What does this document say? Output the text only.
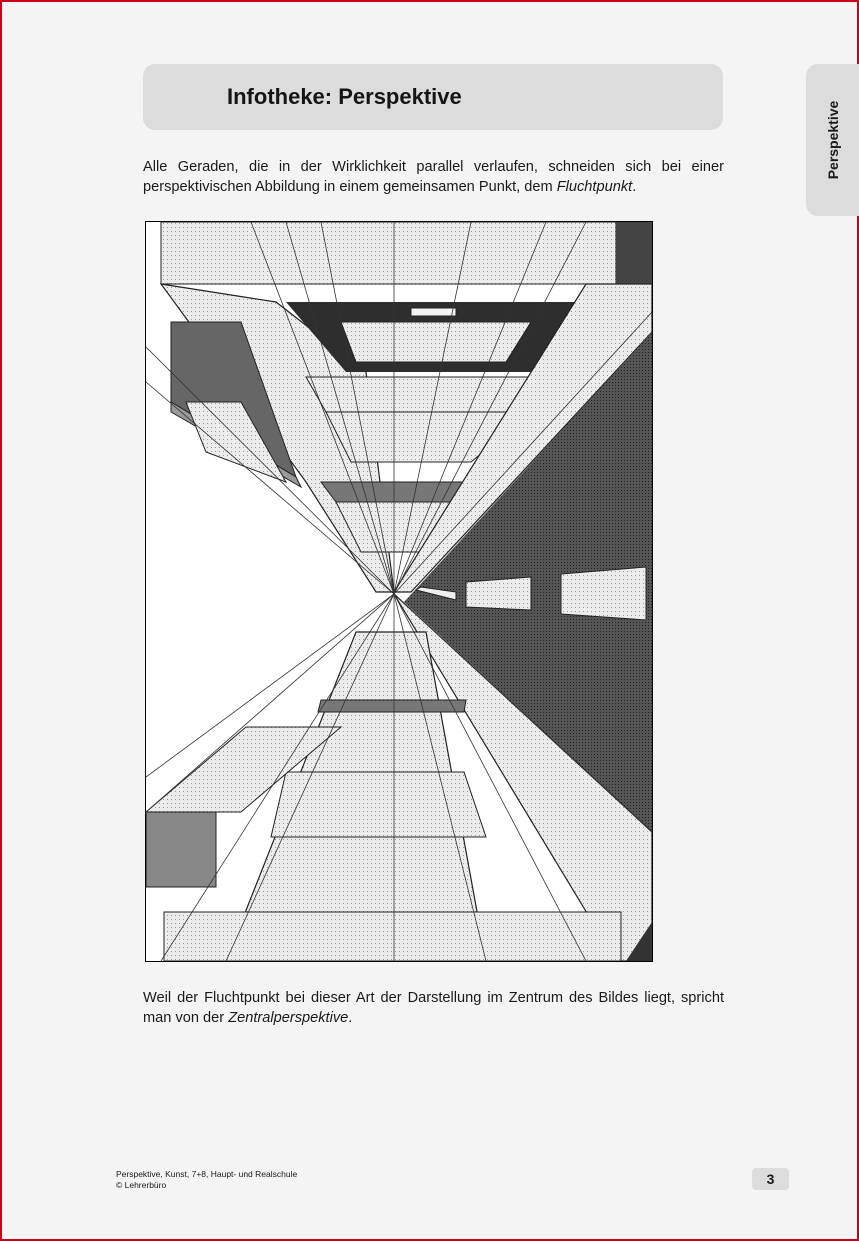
Infotheke: Perspektive
Perspektive

Alle Geraden, die in der Wirklichkeit parallel verlaufen, schneiden sich bei einer perspektivischen Abbildung in einem gemeinsamen Punkt, dem Fluchtpunkt.

Weil der Fluchtpunkt bei dieser Art der Darstellung im Zentrum des Bildes liegt, spricht man von der Zentralperspektive.

Perspektive, Kunst, 7+8, Haupt- und Realschule
© Lehrerbüro	3
